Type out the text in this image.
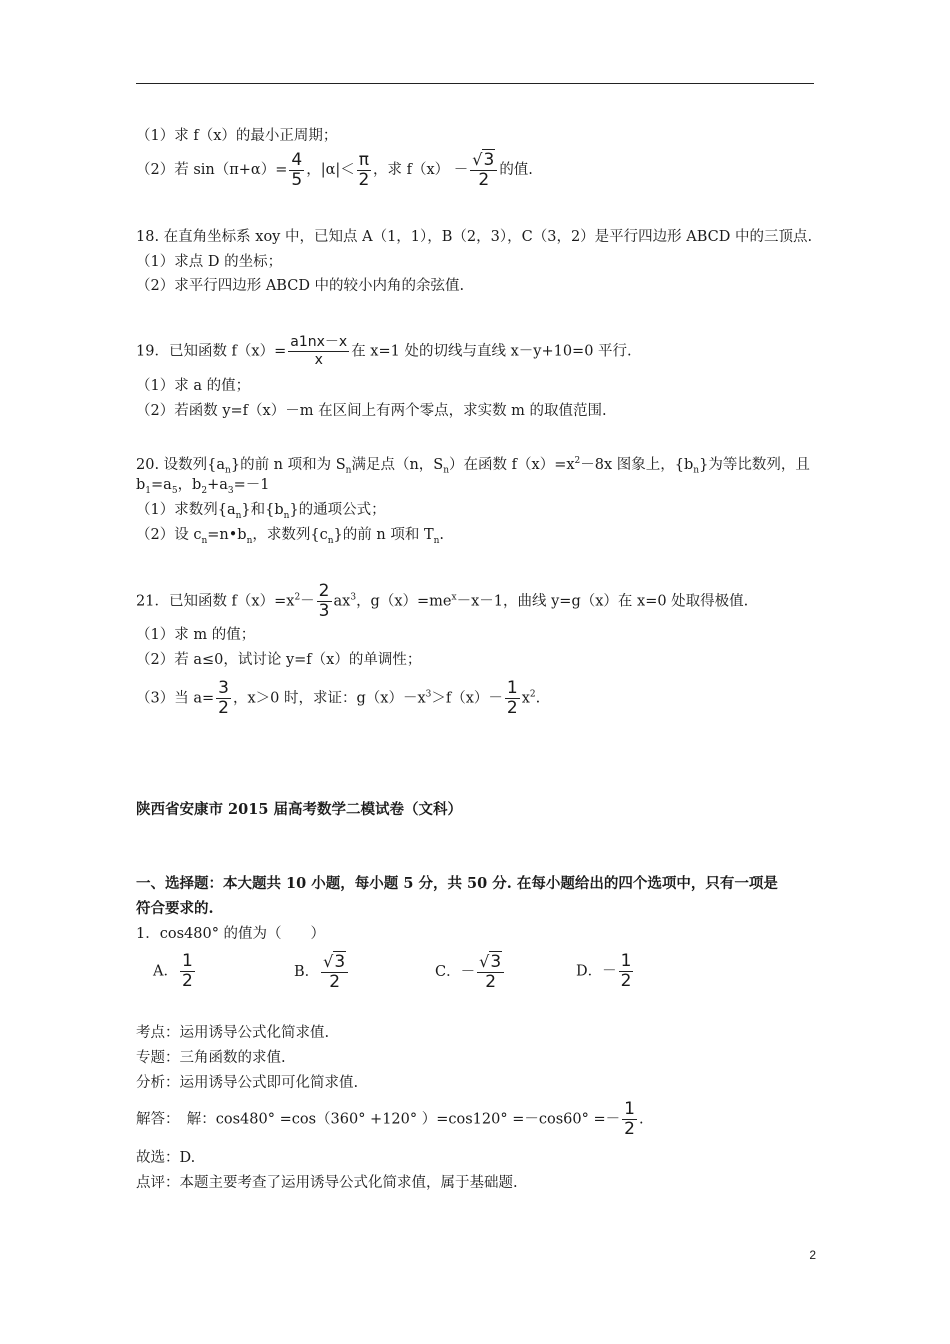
（1）求 f（x）的最小正周期；
（2）若 $\sin(\pi+\alpha)= \frac{4}{5}$ ，$|\alpha|< \frac{\pi}{2}$ ，求 $f(x) - \frac{√3}{2}$ 的值.
18. 在直角坐标系 xoy 中，已知点 A（1，1），B（2，3），C（3，2）是平行四边形 ABCD 中的三顶点.
（1）求点 D 的坐标；
（2）求平行四边形 ABCD 中的较小内角的余弦值.
19．已知函数 $f(x)= \frac{a1nx-x}{x}$ 在 x=1 处的切线与直线 x－y+10=0 平行.
（1）求 a 的值；
（2）若函数 y=f（x）－m 在区间上有两个零点，求实数 m 的取值范围.
20. 设数列$\{a_n\}$的前 n 项和为 $S_n$满足点（n，$S_n$）在函数 $f(x)=x^2-8x$ 图象上，$\{b_n\}$为等比数列，且
$b_1=a_5$，$b_2+a_3=-1$
（1）求数列$\{a_n\}$和$\{b_n\}$的通项公式；
（2）设 $c_n=n•b_n$，求数列$\{c_n\}$的前 n 项和 $T_n$.
21．已知函数 $f(x)=x^2- \frac{2}{3} ax^3$，$g(x)=me^x-x-1$，曲线 y=g（x）在 x=0 处取得极值.
（1）求 m 的值；
（2）若 a≤0，试讨论 y=f（x）的单调性；
（3）当 $a= \frac{3}{2}$ ，x＞0 时，求证：$g(x)-x^3>f(x)- \frac{1}{2} x^2$.
陕西省安康市 2015 届高考数学二模试卷（文科）
一、选择题：本大题共 10 小题，每小题 5 分，共 50 分. 在每小题给出的四个选项中，只有一项是
符合要求的.
1．cos480° 的值为（　　）
A． $\frac{1}{2}$	B． $\frac{√3}{2}$	C．－ $\frac{√3}{2}$	D．－ $\frac{1}{2}$
考点：运用诱导公式化简求值.
专题：三角函数的求值.
分析：运用诱导公式即可化简求值.
解答：　解：cos480° =cos（360° +120° ）$=\cos 120^\circ =-\cos 60^\circ =- \frac{1}{2}$ .
故选：D.
点评：本题主要考查了运用诱导公式化简求值，属于基础题.
2
